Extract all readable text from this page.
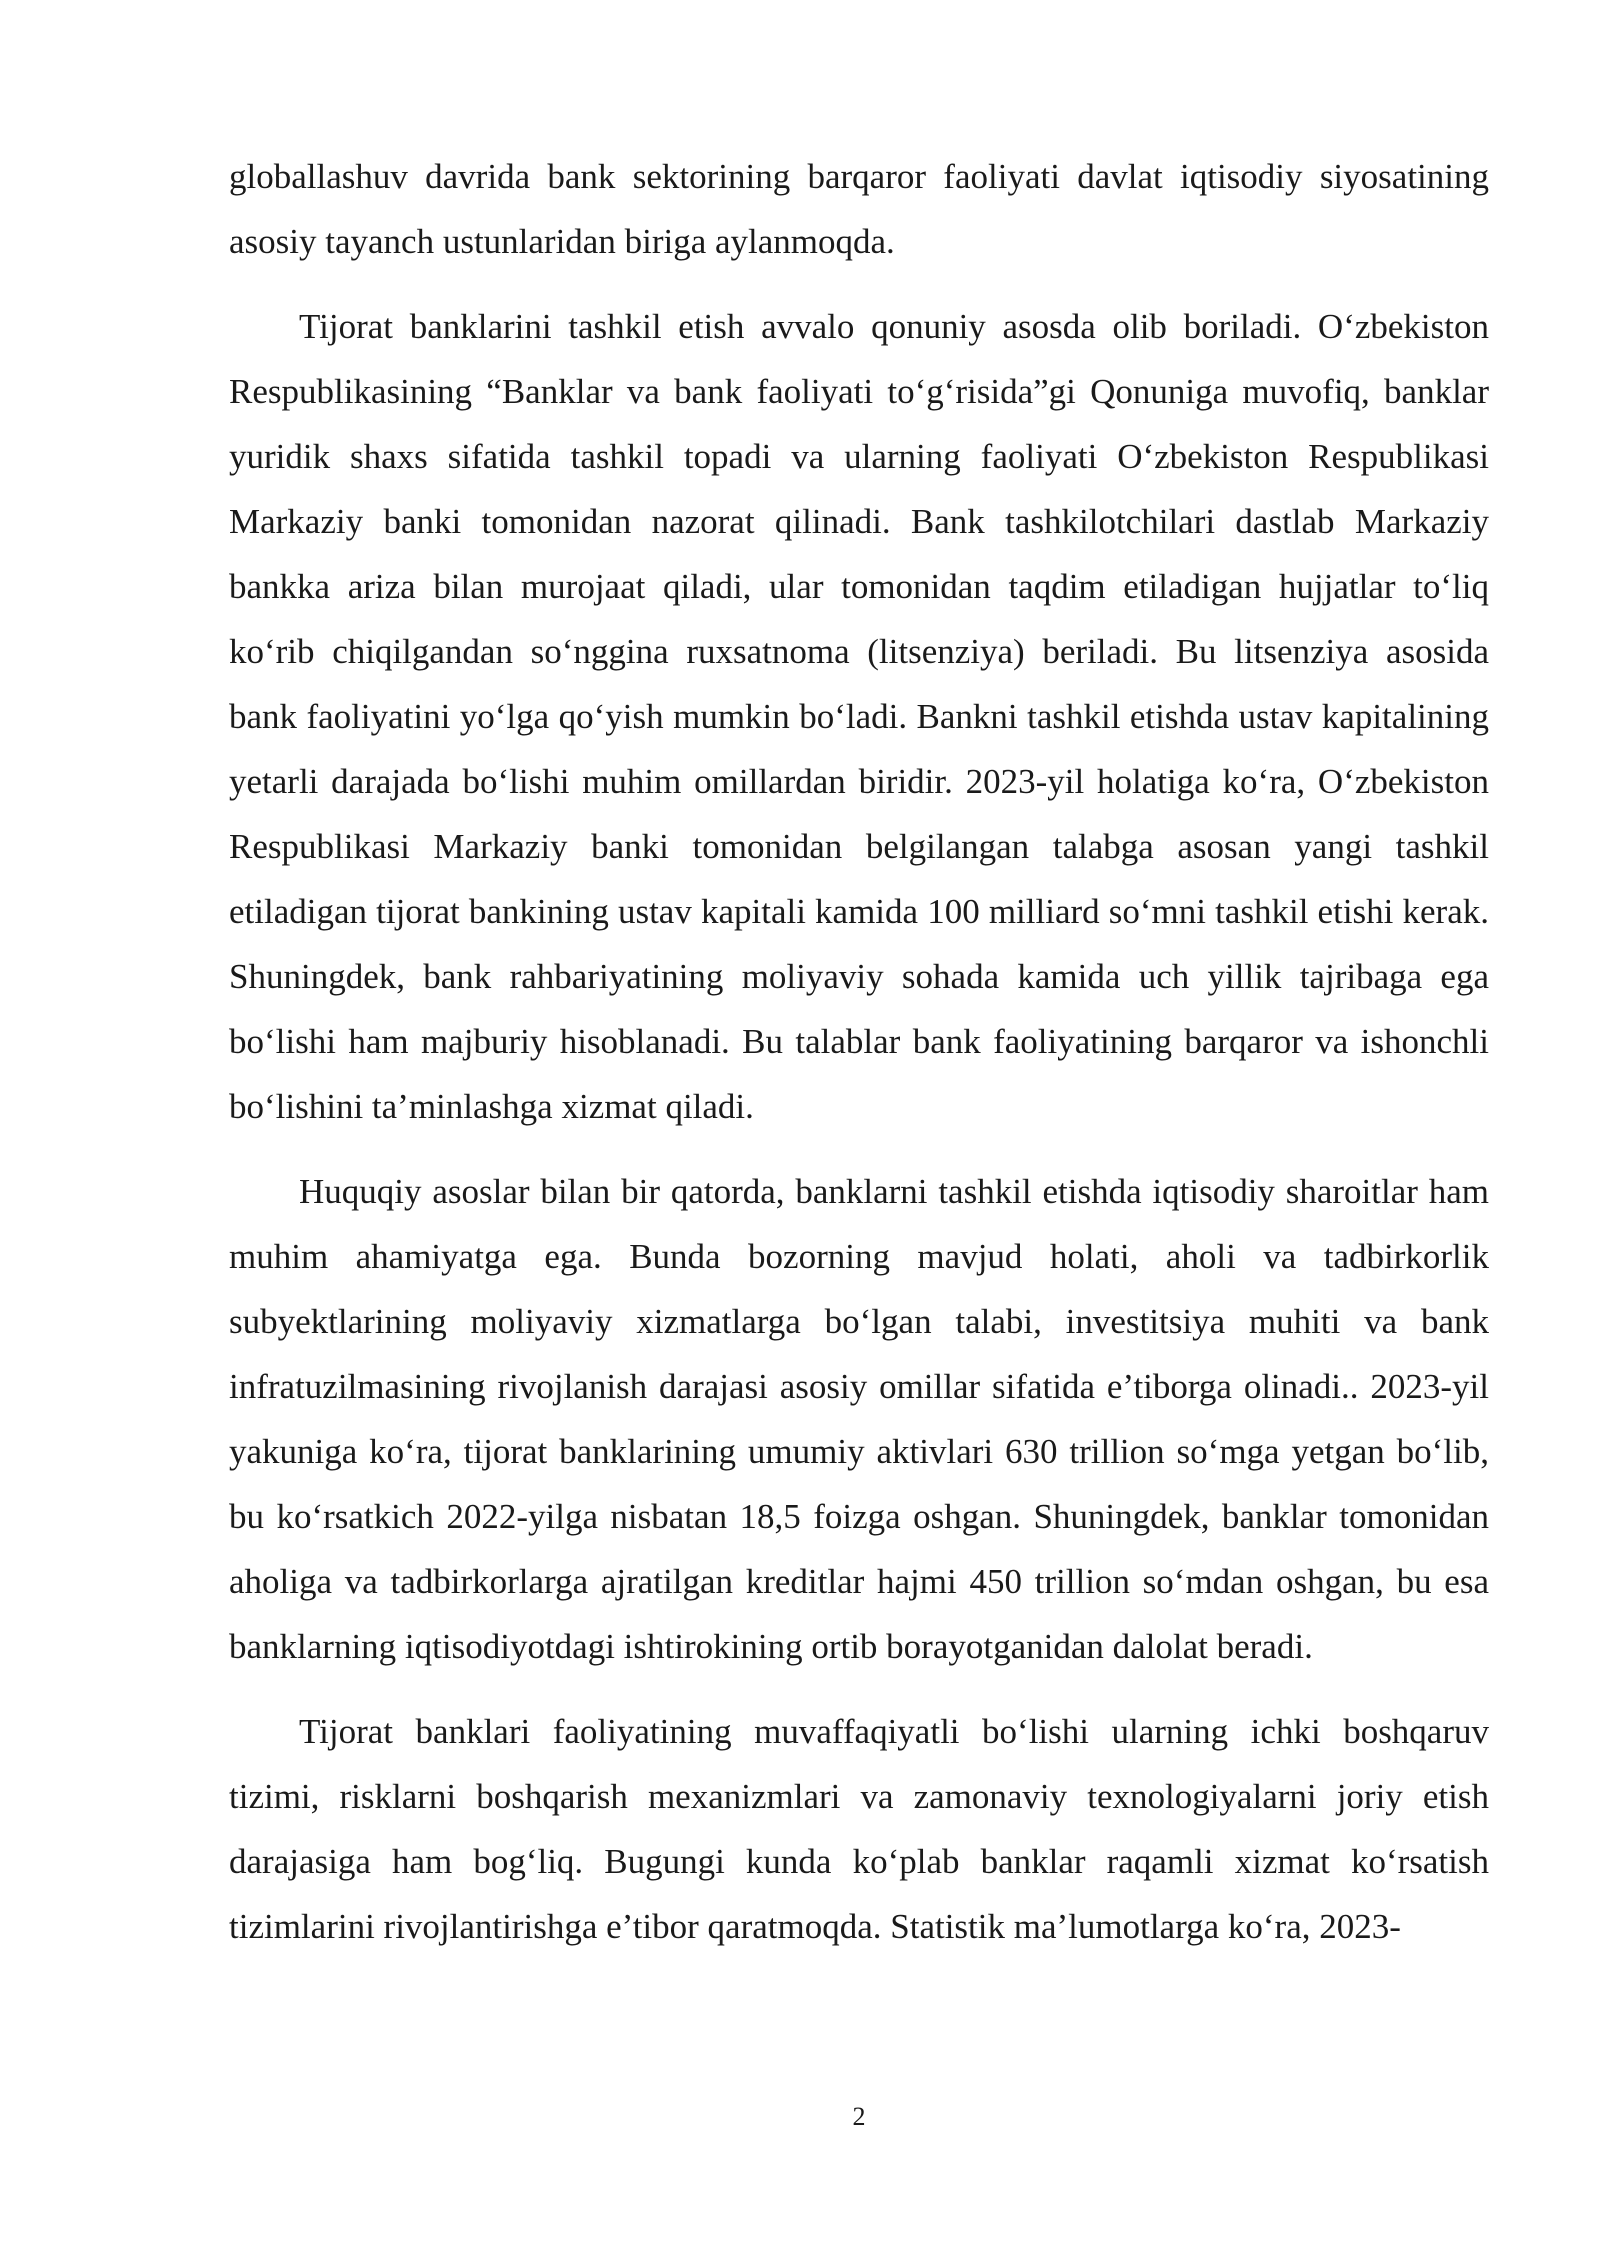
globallashuv davrida bank sektorining barqaror faoliyati davlat iqtisodiy siyosatining asosiy tayanch ustunlaridan biriga aylanmoqda.

Tijorat banklarini tashkil etish avvalo qonuniy asosda olib boriladi. O‘zbekiston Respublikasining “Banklar va bank faoliyati to‘g‘risida”gi Qonuniga muvofiq, banklar yuridik shaxs sifatida tashkil topadi va ularning faoliyati O‘zbekiston Respublikasi Markaziy banki tomonidan nazorat qilinadi. Bank tashkilotchilari dastlab Markaziy bankka ariza bilan murojaat qiladi, ular tomonidan taqdim etiladigan hujjatlar to‘liq ko‘rib chiqilgandan so‘nggina ruxsatnoma (litsenziya) beriladi. Bu litsenziya asosida bank faoliyatini yo‘lga qo‘yish mumkin bo‘ladi. Bankni tashkil etishda ustav kapitalining yetarli darajada bo‘lishi muhim omillardan biridir. 2023-yil holatiga ko‘ra, O‘zbekiston Respublikasi Markaziy banki tomonidan belgilangan talabga asosan yangi tashkil etiladigan tijorat bankining ustav kapitali kamida 100 milliard so‘mni tashkil etishi kerak. Shuningdek, bank rahbariyatining moliyaviy sohada kamida uch yillik tajribaga ega bo‘lishi ham majburiy hisoblanadi. Bu talablar bank faoliyatining barqaror va ishonchli bo‘lishini ta’minlashga xizmat qiladi.

Huquqiy asoslar bilan bir qatorda, banklarni tashkil etishda iqtisodiy sharoitlar ham muhim ahamiyatga ega. Bunda bozorning mavjud holati, aholi va tadbirkorlik subyektlarining moliyaviy xizmatlarga bo‘lgan talabi, investitsiya muhiti va bank infratuzilmasining rivojlanish darajasi asosiy omillar sifatida e’tiborga olinadi.. 2023-yil yakuniga ko‘ra, tijorat banklarining umumiy aktivlari 630 trillion so‘mga yetgan bo‘lib, bu ko‘rsatkich 2022-yilga nisbatan 18,5 foizga oshgan. Shuningdek, banklar tomonidan aholiga va tadbirkorlarga ajratilgan kreditlar hajmi 450 trillion so‘mdan oshgan, bu esa banklarning iqtisodiyotdagi ishtirokining ortib borayotganidan dalolat beradi.

Tijorat banklari faoliyatining muvaffaqiyatli bo‘lishi ularning ichki boshqaruv tizimi, risklarni boshqarish mexanizmlari va zamonaviy texnologiyalarni joriy etish darajasiga ham bog‘liq. Bugungi kunda ko‘plab banklar raqamli xizmat ko‘rsatish tizimlarini rivojlantirishga e’tibor qaratmoqda. Statistik ma’lumotlarga ko‘ra, 2023-

2
